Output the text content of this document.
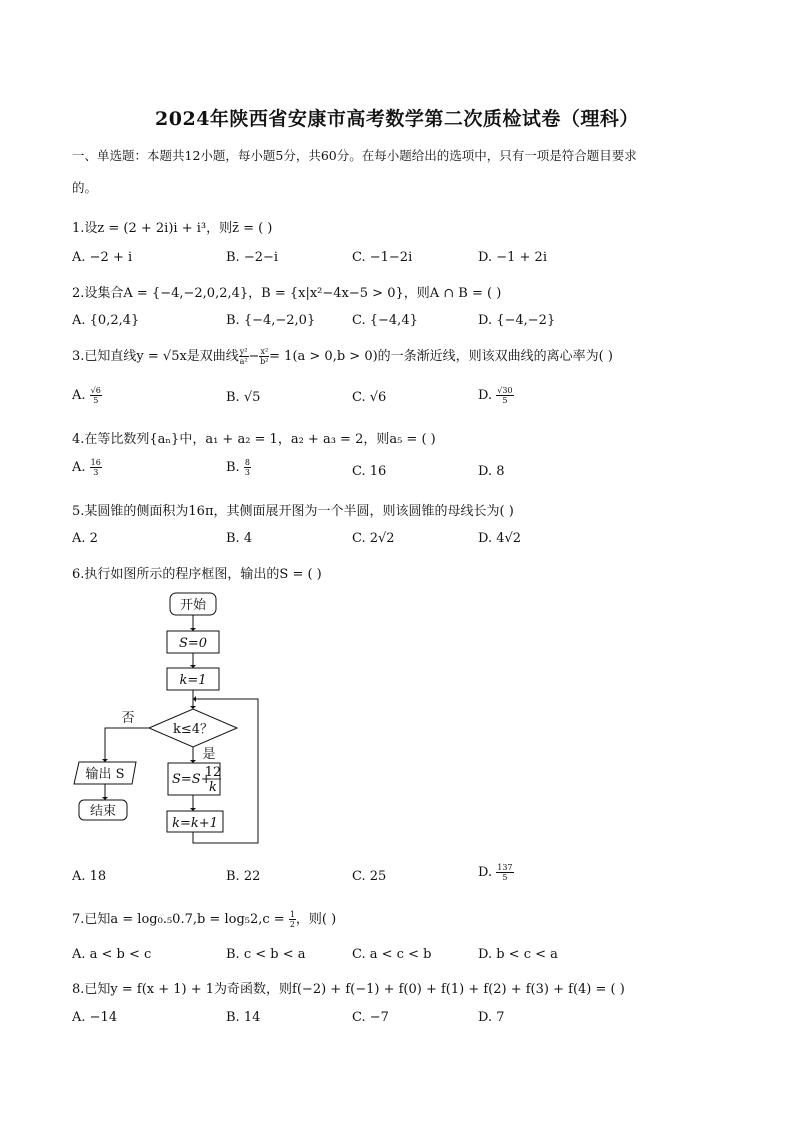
2024年陕西省安康市高考数学第二次质检试卷（理科）
一、单选题：本题共12小题，每小题5分，共60分。在每小题给出的选项中，只有一项是符合题目要求
的。
1.设z = (2 + 2i)i + i³，则z̄ = ( )
A. −2 + i	B. −2−i	C. −1−2i	D. −1 + 2i
2.设集合A = {−4,−2,0,2,4}，B = {x|x²−4x−5 > 0}，则A ∩ B = ( )
A. {0,2,4}	B. {−4,−2,0}	C. {−4,4}	D. {−4,−2}
3.已知直线y = √5x是双曲线 $\frac{\text{y²}}{\text{a²}} - \frac{\text{x²}}{\text{b²}} = 1(a > 0,b > 0)$的一条渐近线，则该双曲线的离心率为( )
A. $\frac{√6}{5}$	B. √5	C. √6	D. $\frac{√30}{5}$
4.在等比数列{aₙ}中，a₁ + a₂ = 1，a₂ + a₃ = 2，则a₅ = ( )
A. $\frac{16}{3}$	B. $\frac{8}{3}$	C. 16	D. 8
5.某圆锥的侧面积为16π，其侧面展开图为一个半圆，则该圆锥的母线长为( )
A. 2	B. 4	C. 2√2	D. 4√2
6.执行如图所示的程序框图，输出的S = ( )
开始
S=0
k=1
k≤4？
否
是
S=S+
12
k
k=k+1
输出 S
结束
A. 18	B. 22	C. 25	D. $\frac{137}{5}$
7.已知$a = \log_0._50.7,b = \log_52,c = \frac{1}{2}$ ，则( )
A. a < b < c	B. c < b < a	C. a < c < b	D. b < c < a
8.已知y = f(x + 1) + 1为奇函数，则f(−2) + f(−1) + f(0) + f(1) + f(2) + f(3) + f(4) = ( )
A. −14	B. 14	C. −7	D. 7
